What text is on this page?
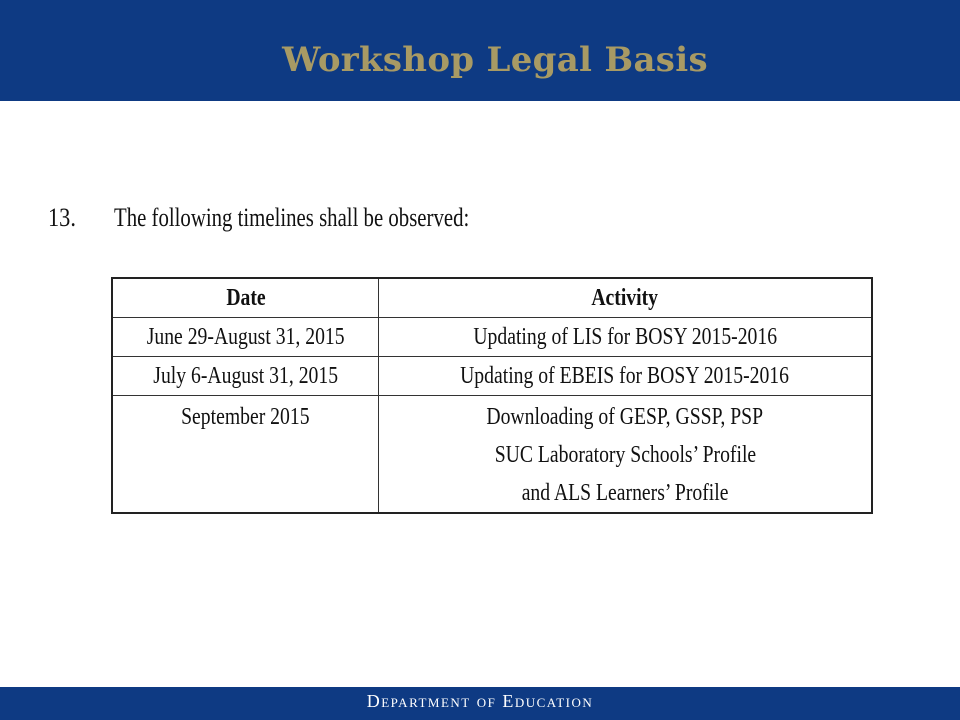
Workshop Legal Basis
13. The following timelines shall be observed:
Date	Activity
June 29-August 31, 2015	Updating of LIS for BOSY 2015-2016
July 6-August 31, 2015	Updating of EBEIS for BOSY 2015-2016

September 2015	Downloading of GESP, GSSP, PSP
SUC Laboratory Schools’ Profile
and ALS Learners’ Profile
Department of Education
